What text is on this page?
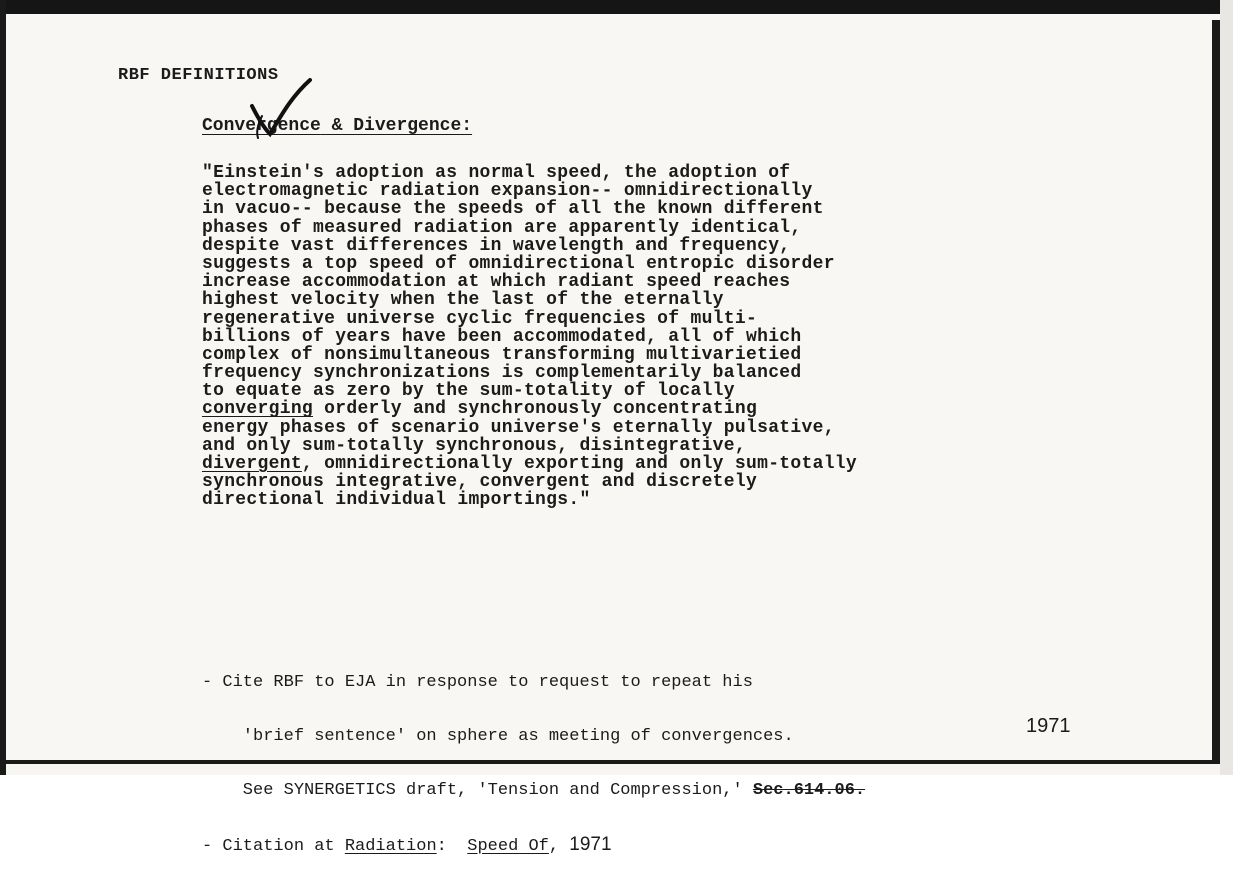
RBF DEFINITIONS
Convergence & Divergence:
"Einstein's adoption as normal speed, the adoption of
electromagnetic radiation expansion-- omnidirectionally
in vacuo-- because the speeds of all the known different
phases of measured radiation are apparently identical,
despite vast differences in wavelength and frequency,
suggests a top speed of omnidirectional entropic disorder
increase accommodation at which radiant speed reaches
highest velocity when the last of the eternally
regenerative universe cyclic frequencies of multi-
billions of years have been accommodated, all of which
complex of nonsimultaneous transforming multivarietied
frequency synchronizations is complementarily balanced
to equate as zero by the sum-totality of locally
converging orderly and synchronously concentrating
energy phases of scenario universe's eternally pulsative,
and only sum-totally synchronous, disintegrative,
divergent, omnidirectionally exporting and only sum-totally
synchronous integrative, convergent and discretely
directional individual importings."

- Cite RBF to EJA in response to request to repeat his

'brief sentence' on sphere as meeting of convergences.

See SYNERGETICS draft, 'Tension and Compression,' Sec.614.06.

- Citation at Radiation:  Speed Of, 1971

1971
